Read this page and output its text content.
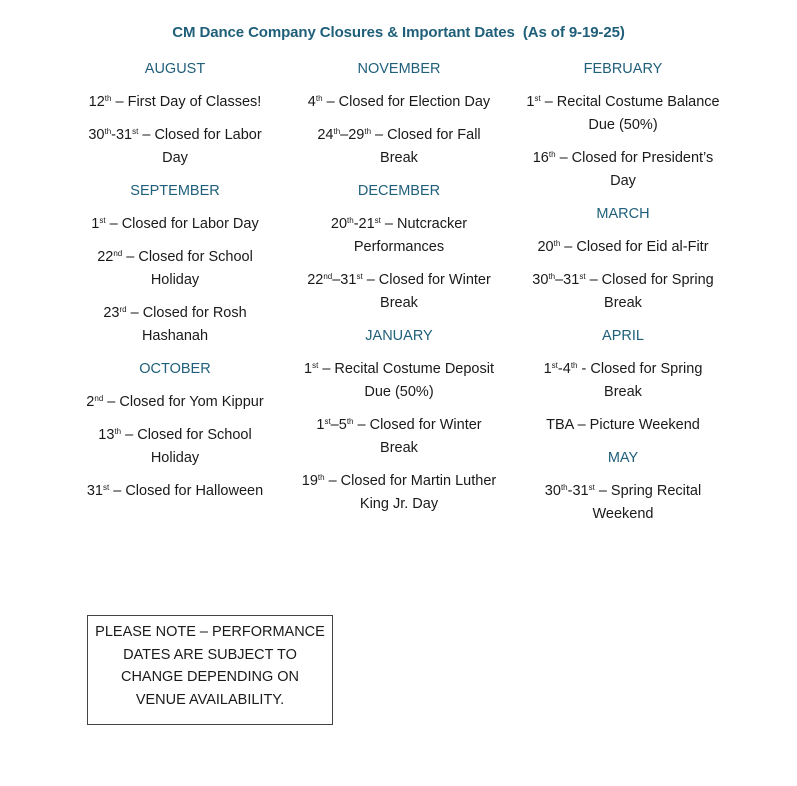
CM Dance Company Closures & Important Dates  (As of 9-19-25)
AUGUST
12th – First Day of Classes!
30th-31st – Closed for Labor Day
SEPTEMBER
1st – Closed for Labor Day
22nd – Closed for School Holiday
23rd – Closed for Rosh Hashanah
OCTOBER
2nd – Closed for Yom Kippur
13th – Closed for School Holiday
31st – Closed for Halloween
NOVEMBER
4th – Closed for Election Day
24th–29th – Closed for Fall Break
DECEMBER
20th-21st – Nutcracker Performances
22nd–31st – Closed for Winter Break
JANUARY
1st – Recital Costume Deposit Due (50%)
1st–5th – Closed for Winter Break
19th – Closed for Martin Luther King Jr. Day
FEBRUARY
1st – Recital Costume Balance Due (50%)
16th – Closed for President’s Day
MARCH
20th – Closed for Eid al-Fitr
30th–31st – Closed for Spring Break
APRIL
1st-4th - Closed for Spring Break
TBA – Picture Weekend
MAY
30th-31st – Spring Recital Weekend
PLEASE NOTE – PERFORMANCE DATES ARE SUBJECT TO CHANGE DEPENDING ON VENUE AVAILABILITY.
